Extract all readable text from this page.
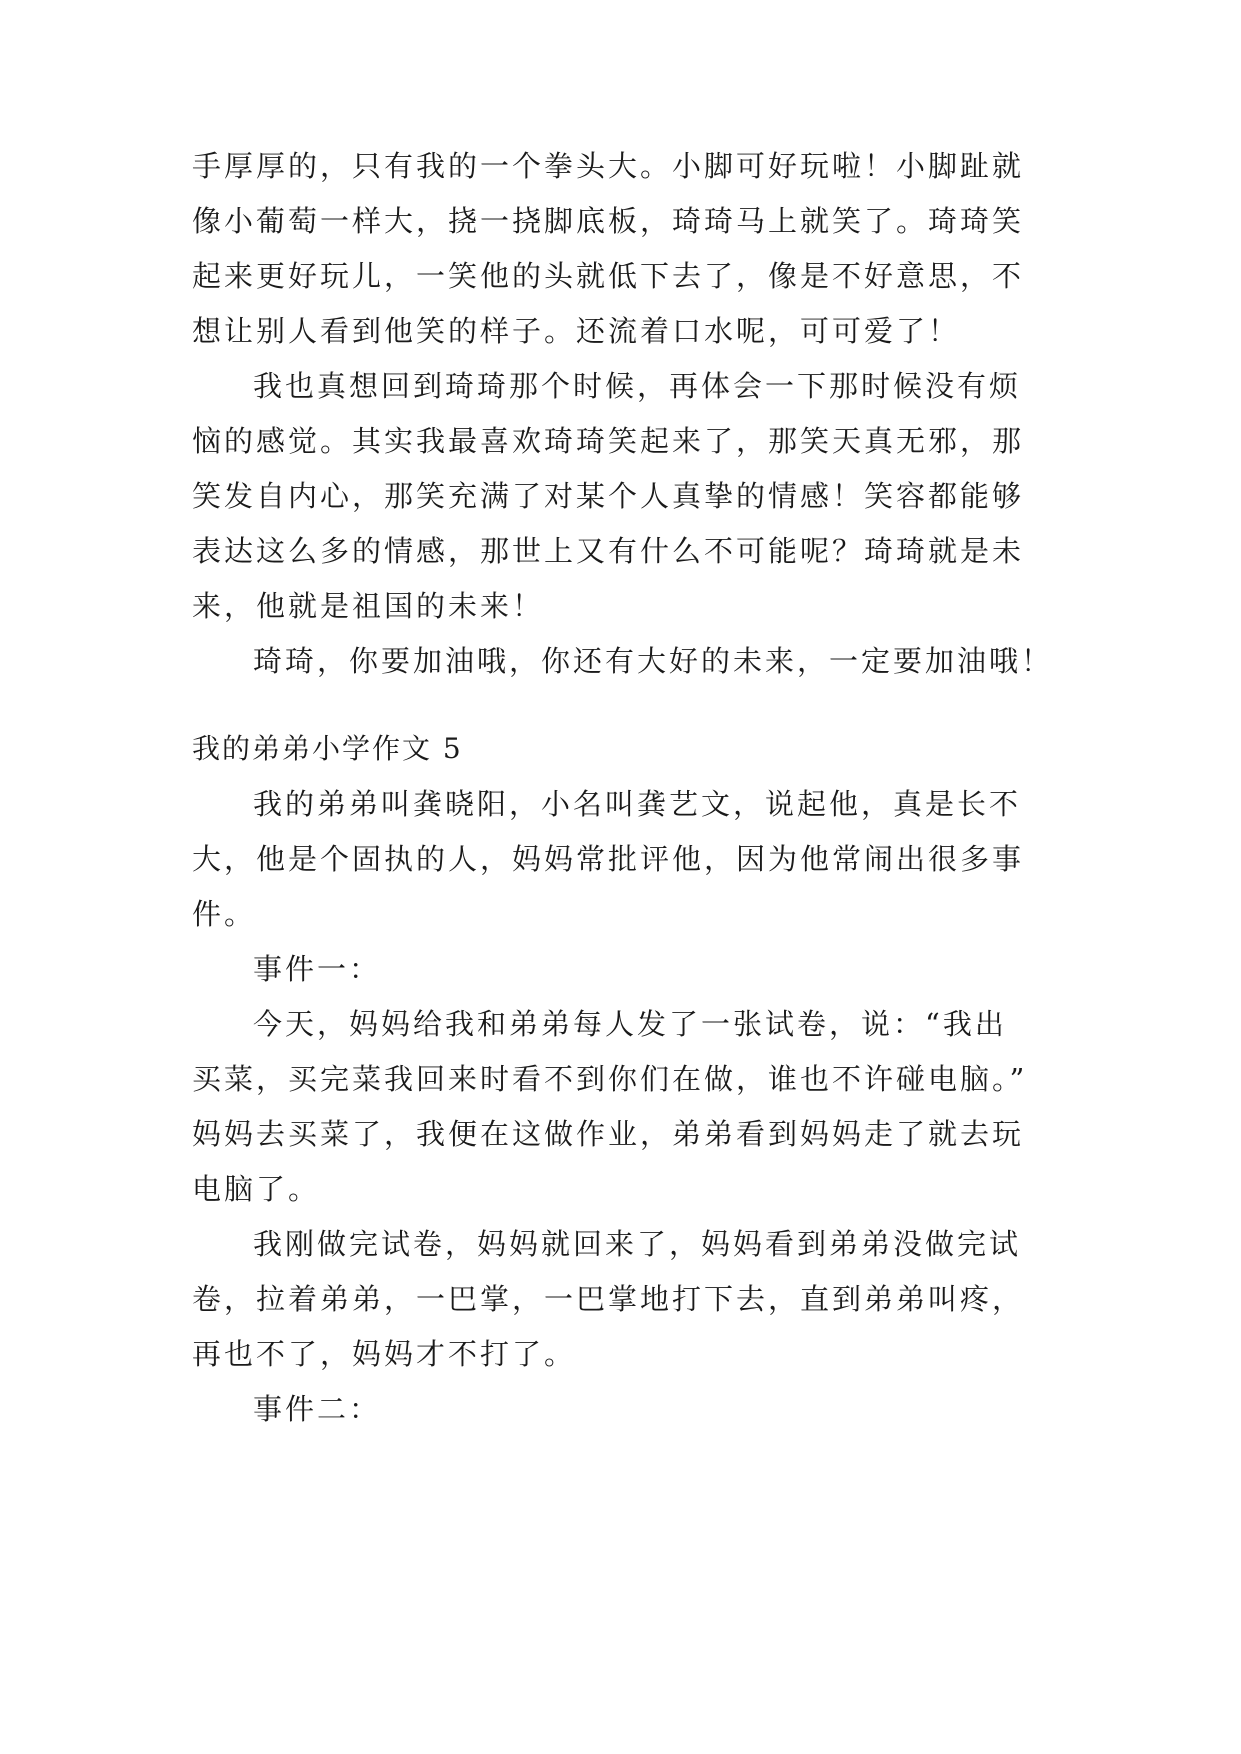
手厚厚的，只有我的一个拳头大。小脚可好玩啦！小脚趾就
像小葡萄一样大，挠一挠脚底板，琦琦马上就笑了。琦琦笑
起来更好玩儿，一笑他的头就低下去了，像是不好意思，不
想让别人看到他笑的样子。还流着口水呢，可可爱了！
我也真想回到琦琦那个时候，再体会一下那时候没有烦
恼的感觉。其实我最喜欢琦琦笑起来了，那笑天真无邪，那
笑发自内心，那笑充满了对某个人真挚的情感！笑容都能够
表达这么多的情感，那世上又有什么不可能呢？琦琦就是未
来，他就是祖国的未来！
琦琦，你要加油哦，你还有大好的未来，一定要加油哦！
我的弟弟小学作文 5
我的弟弟叫龚晓阳，小名叫龚艺文，说起他，真是长不
大，他是个固执的人，妈妈常批评他，因为他常闹出很多事
件。
事件一：
今天，妈妈给我和弟弟每人发了一张试卷，说：“我出
买菜，买完菜我回来时看不到你们在做，谁也不许碰电脑。”
妈妈去买菜了，我便在这做作业，弟弟看到妈妈走了就去玩
电脑了。
我刚做完试卷，妈妈就回来了，妈妈看到弟弟没做完试
卷，拉着弟弟，一巴掌，一巴掌地打下去，直到弟弟叫疼，
再也不了，妈妈才不打了。
事件二：
